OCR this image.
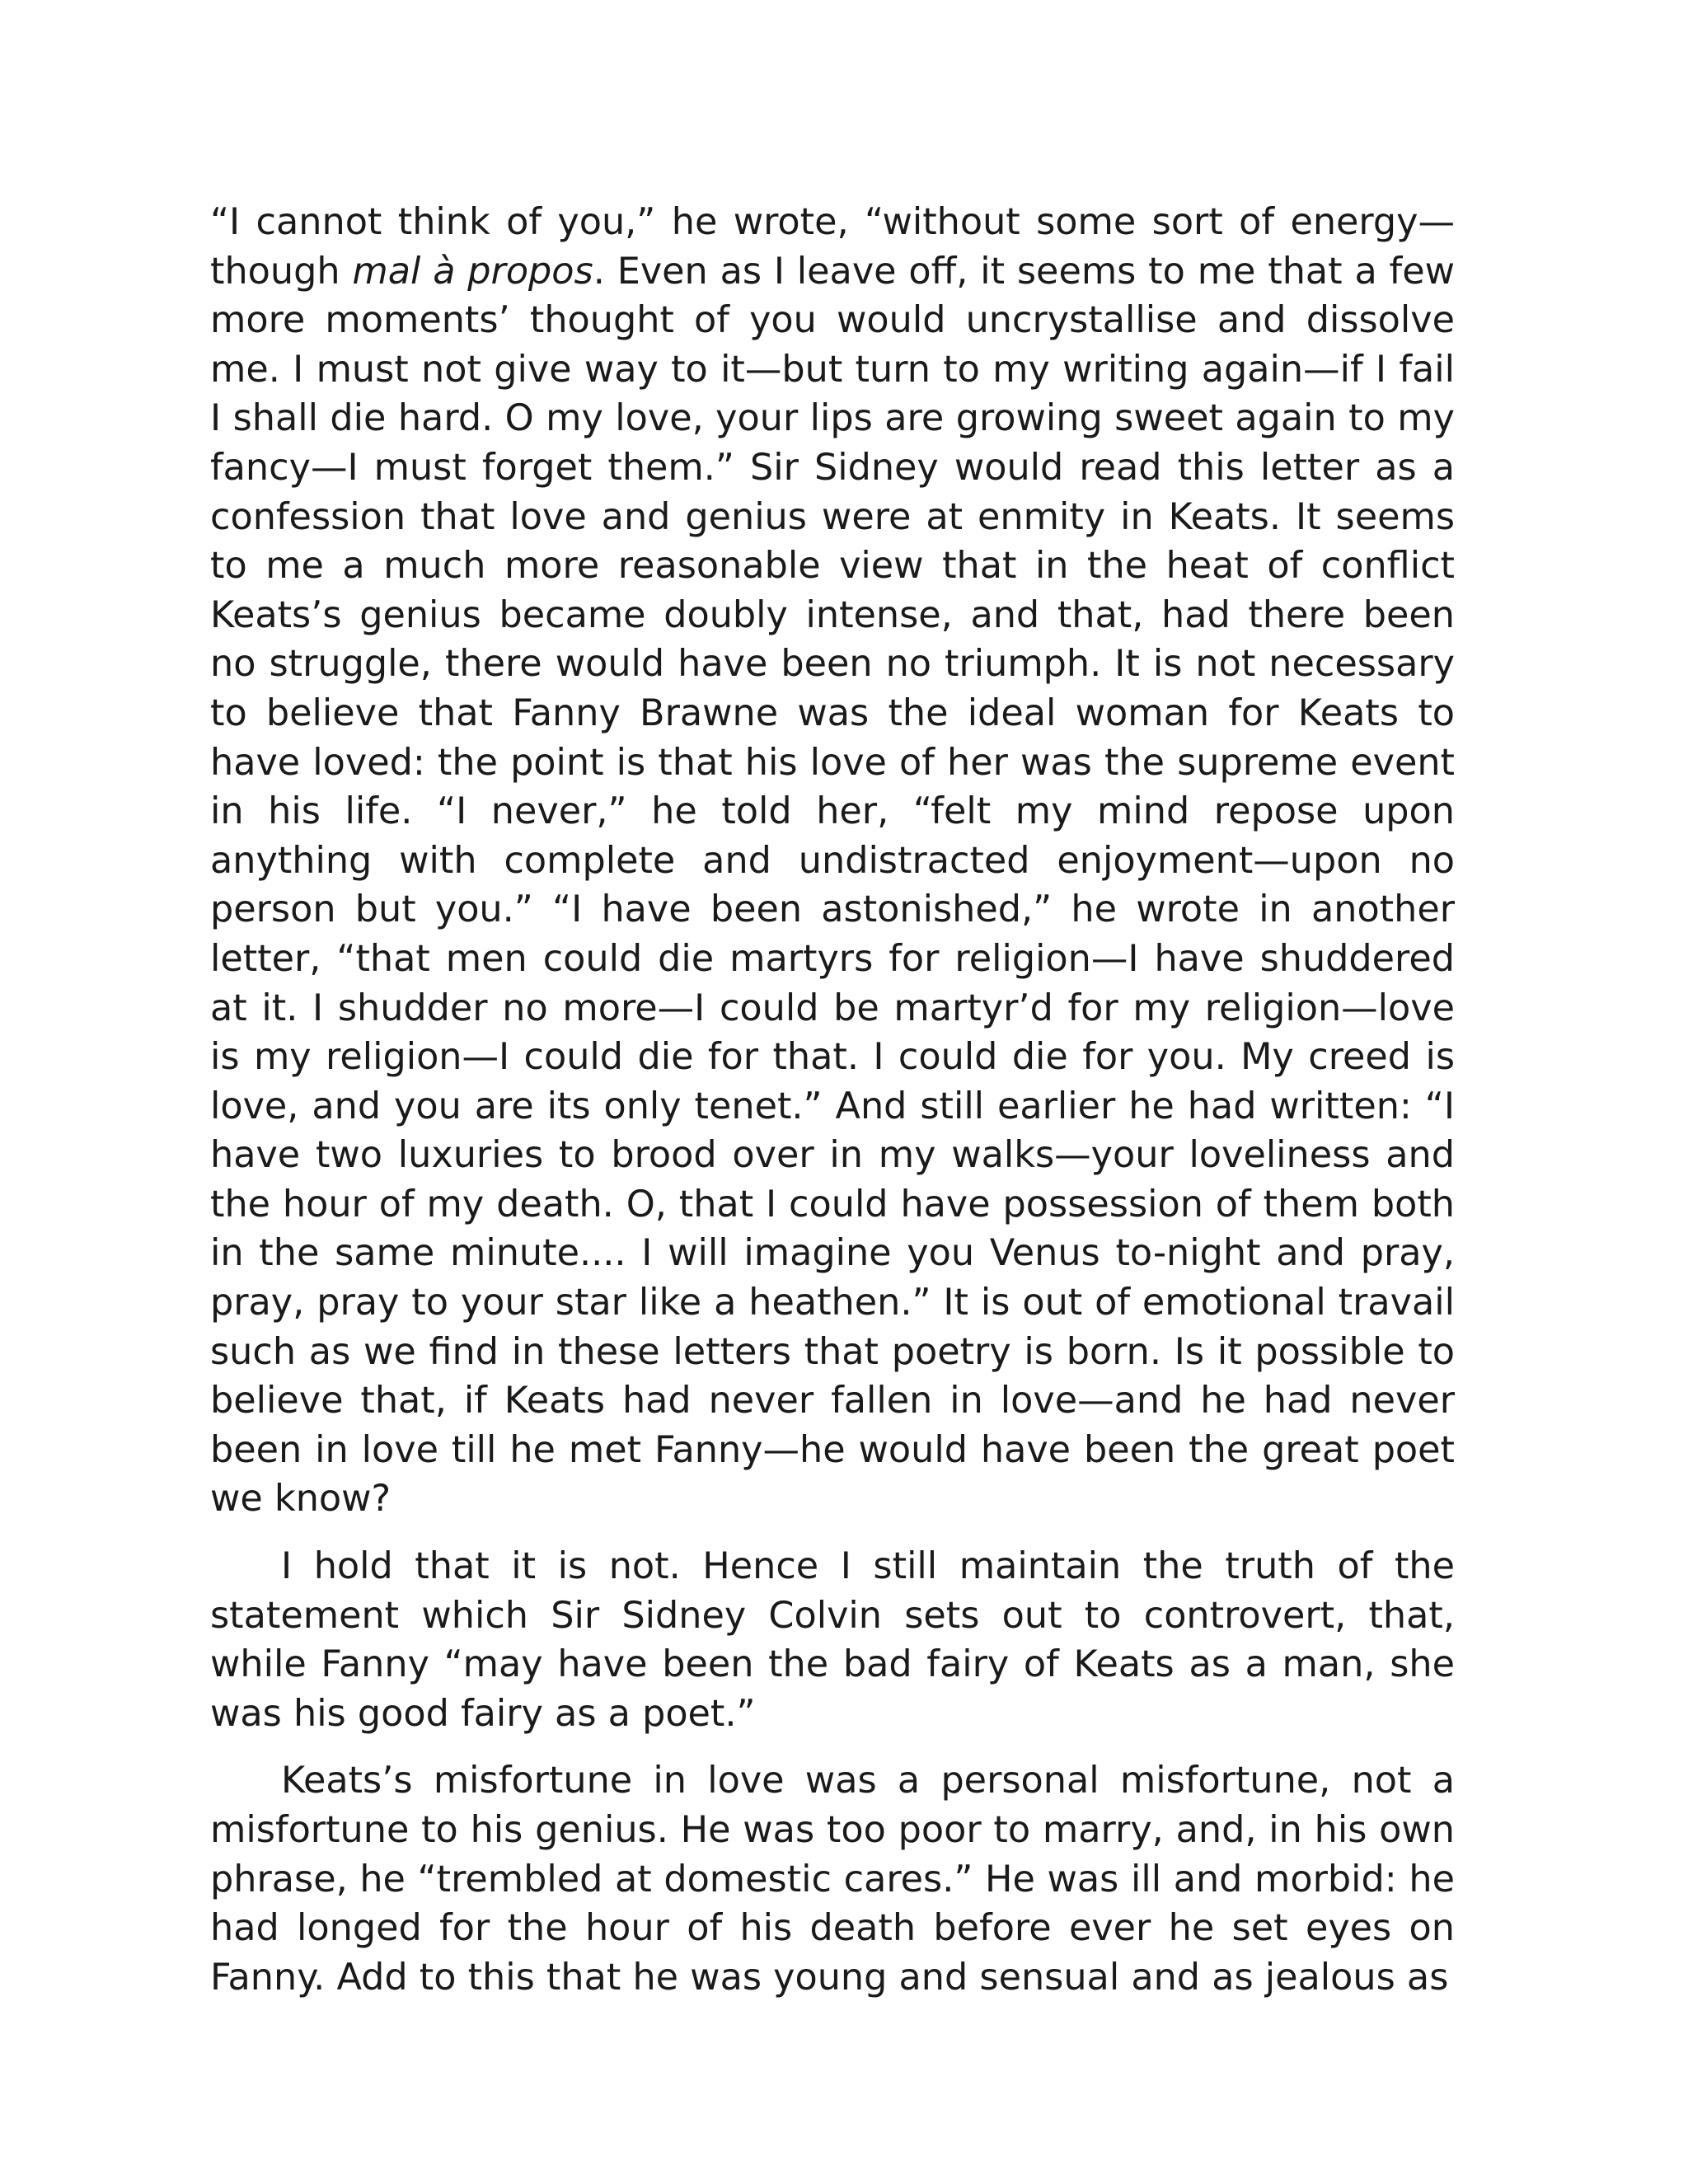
“I cannot think of you,” he wrote, “without some sort of energy—though mal à propos. Even as I leave off, it seems to me that a few more moments’ thought of you would uncrystallise and dissolve me. I must not give way to it—but turn to my writing again—if I fail I shall die hard. O my love, your lips are growing sweet again to my fancy—I must forget them.” Sir Sidney would read this letter as a confession that love and genius were at enmity in Keats. It seems to me a much more reasonable view that in the heat of conflict Keats’s genius became doubly intense, and that, had there been no struggle, there would have been no triumph. It is not necessary to believe that Fanny Brawne was the ideal woman for Keats to have loved: the point is that his love of her was the supreme event in his life. “I never,” he told her, “felt my mind repose upon anything with complete and undistracted enjoyment—upon no person but you.” “I have been astonished,” he wrote in another letter, “that men could die martyrs for religion—I have shuddered at it. I shudder no more—I could be martyr’d for my religion—love is my religion—I could die for that. I could die for you. My creed is love, and you are its only tenet.” And still earlier he had written: “I have two luxuries to brood over in my walks—your loveliness and the hour of my death. O, that I could have possession of them both in the same minute.... I will imagine you Venus to-night and pray, pray, pray to your star like a heathen.” It is out of emotional travail such as we find in these letters that poetry is born. Is it possible to believe that, if Keats had never fallen in love—and he had never been in love till he met Fanny—he would have been the great poet we know?

I hold that it is not. Hence I still maintain the truth of the statement which Sir Sidney Colvin sets out to controvert, that, while Fanny “may have been the bad fairy of Keats as a man, she was his good fairy as a poet.”

Keats’s misfortune in love was a personal misfortune, not a misfortune to his genius. He was too poor to marry, and, in his own phrase, he “trembled at domestic cares.” He was ill and morbid: he had longed for the hour of his death before ever he set eyes on Fanny. Add to this that he was young and sensual and as jealous as
